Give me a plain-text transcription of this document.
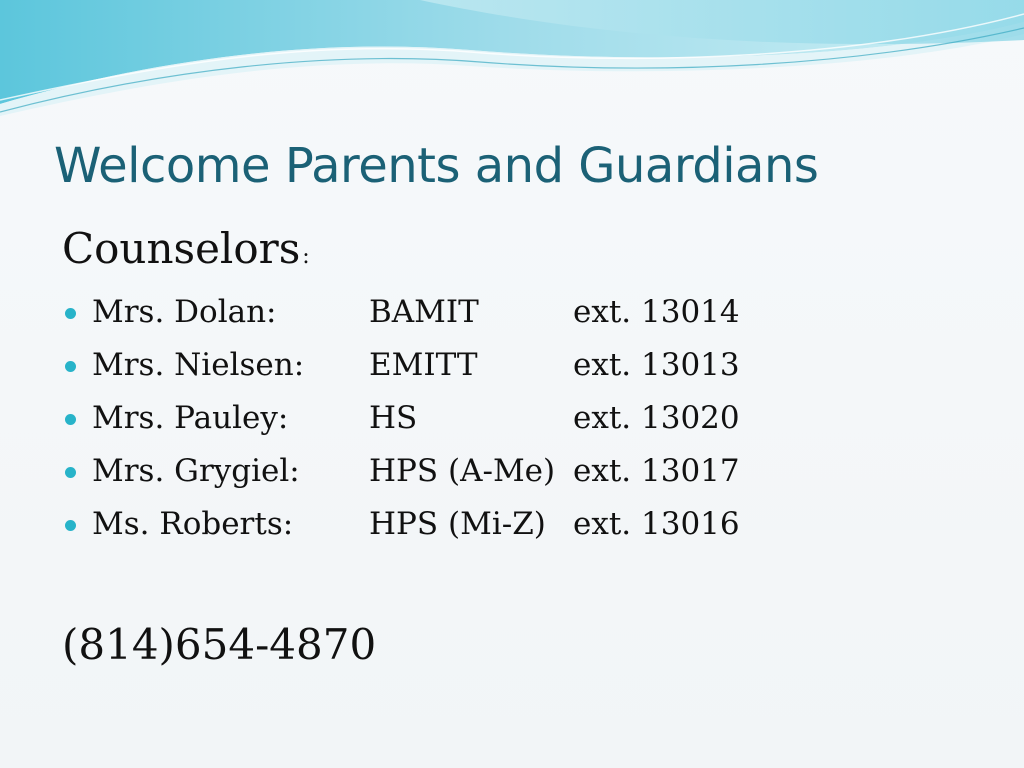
Welcome Parents and Guardians
Counselors:
Mrs. Dolan:	BAMIT	ext. 13014
Mrs. Nielsen: EMITT	ext. 13013
Mrs. Pauley:	HS	ext. 13020
Mrs. Grygiel: HPS (A-Me) ext. 13017
Ms. Roberts: HPS (Mi-Z) ext. 13016
(814)654-4870
